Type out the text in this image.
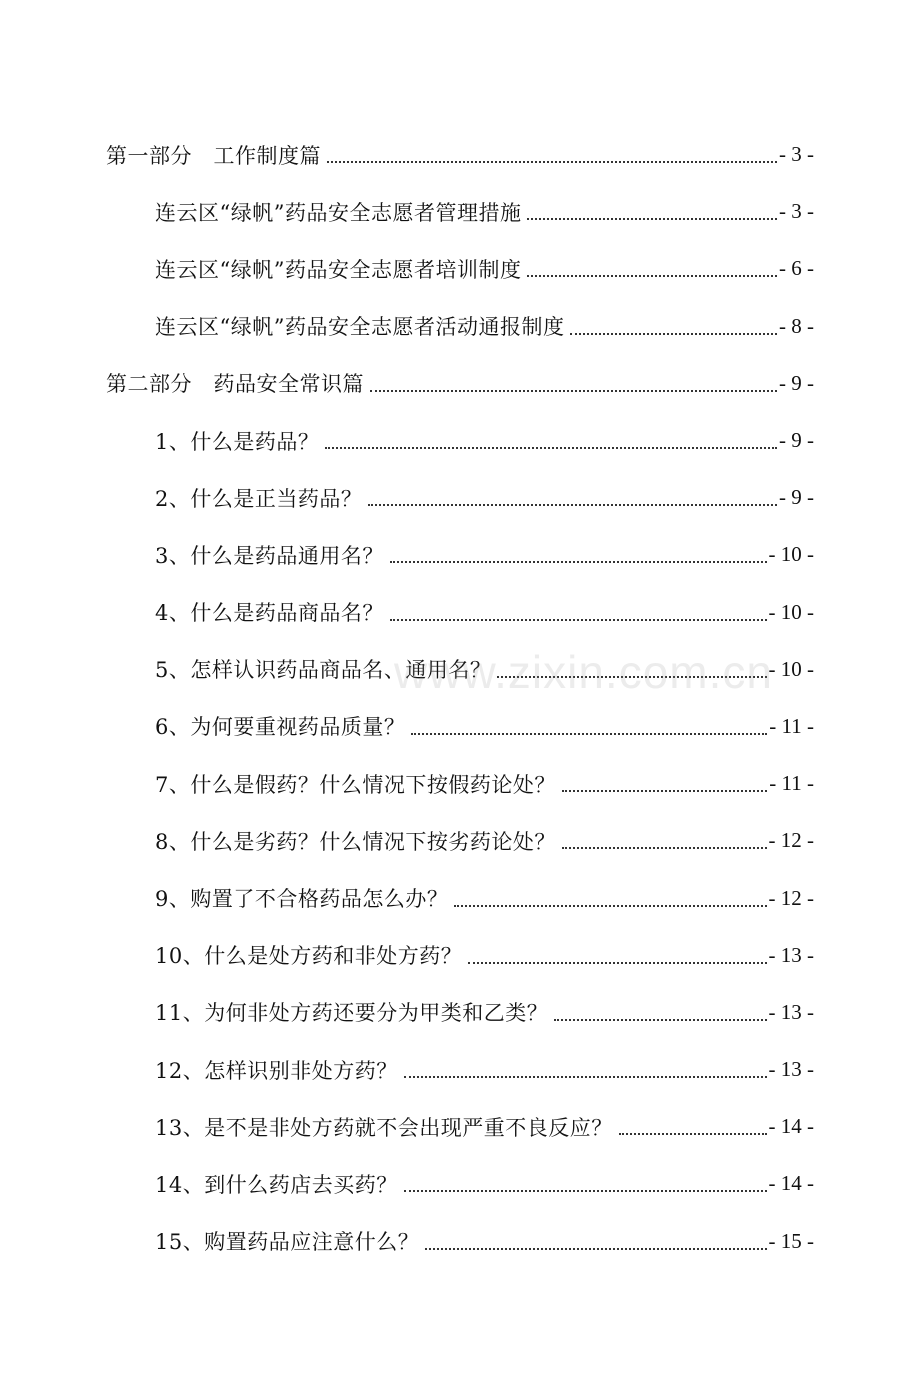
第一部分　工作制度篇	- 3 -
连云区“绿帆”药品安全志愿者管理措施	- 3 -
连云区“绿帆”药品安全志愿者培训制度	- 6 -
连云区“绿帆”药品安全志愿者活动通报制度	- 8 -
第二部分　药品安全常识篇	- 9 -
1、什么是药品？	- 9 -
2、什么是正当药品？	- 9 -
3、什么是药品通用名？	- 10 -
4、什么是药品商品名？	- 10 -
5、怎样认识药品商品名、通用名？	- 10 -
6、为何要重视药品质量？	- 11 -
7、什么是假药？什么情况下按假药论处？	- 11 -
8、什么是劣药？什么情况下按劣药论处？	- 12 -
9、购置了不合格药品怎么办？	- 12 -
10、什么是处方药和非处方药？	- 13 -
11、为何非处方药还要分为甲类和乙类？	- 13 -
12、怎样识别非处方药？	- 13 -
13、是不是非处方药就不会出现严重不良反应？	- 14 -
14、到什么药店去买药？	- 14 -
15、购置药品应注意什么？	- 15 -
www.zixin.com.cn
